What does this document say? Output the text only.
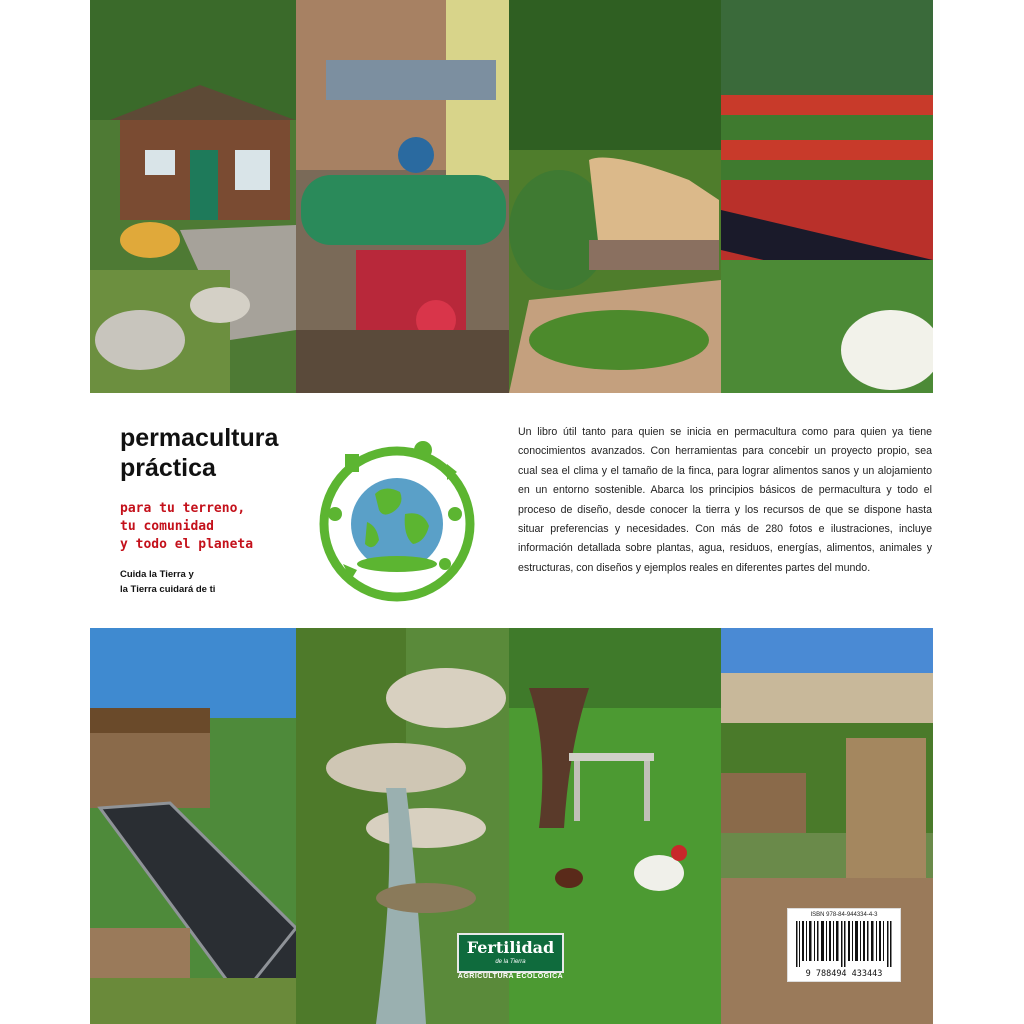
permacultura
práctica
para tu terreno,
tu comunidad
y todo el planeta
Cuida la Tierra y
la Tierra cuidará de ti

Un libro útil tanto para quien se inicia en permacultura como para quien ya tiene conocimientos avanzados. Con herramientas para concebir un proyecto propio, sea cual sea el clima y el tamaño de la finca, para lograr alimentos sanos y un alojamiento en un entorno sostenible. Abarca los principios básicos de permacultura y todo el proceso de diseño, desde conocer la tierra y los recursos de que se dispone hasta situar preferencias y necesidades. Con más de 280 fotos e ilustraciones, incluye información detallada sobre plantas, agua, residuos, energías, alimentos, animales y estructuras, con diseños y ejemplos reales en diferentes partes del mundo.

Fertilidad
de la Tierra
AGRICULTURA ECOLÓGICA
ISBN 978-84-944334-4-3
9 788494 433443
